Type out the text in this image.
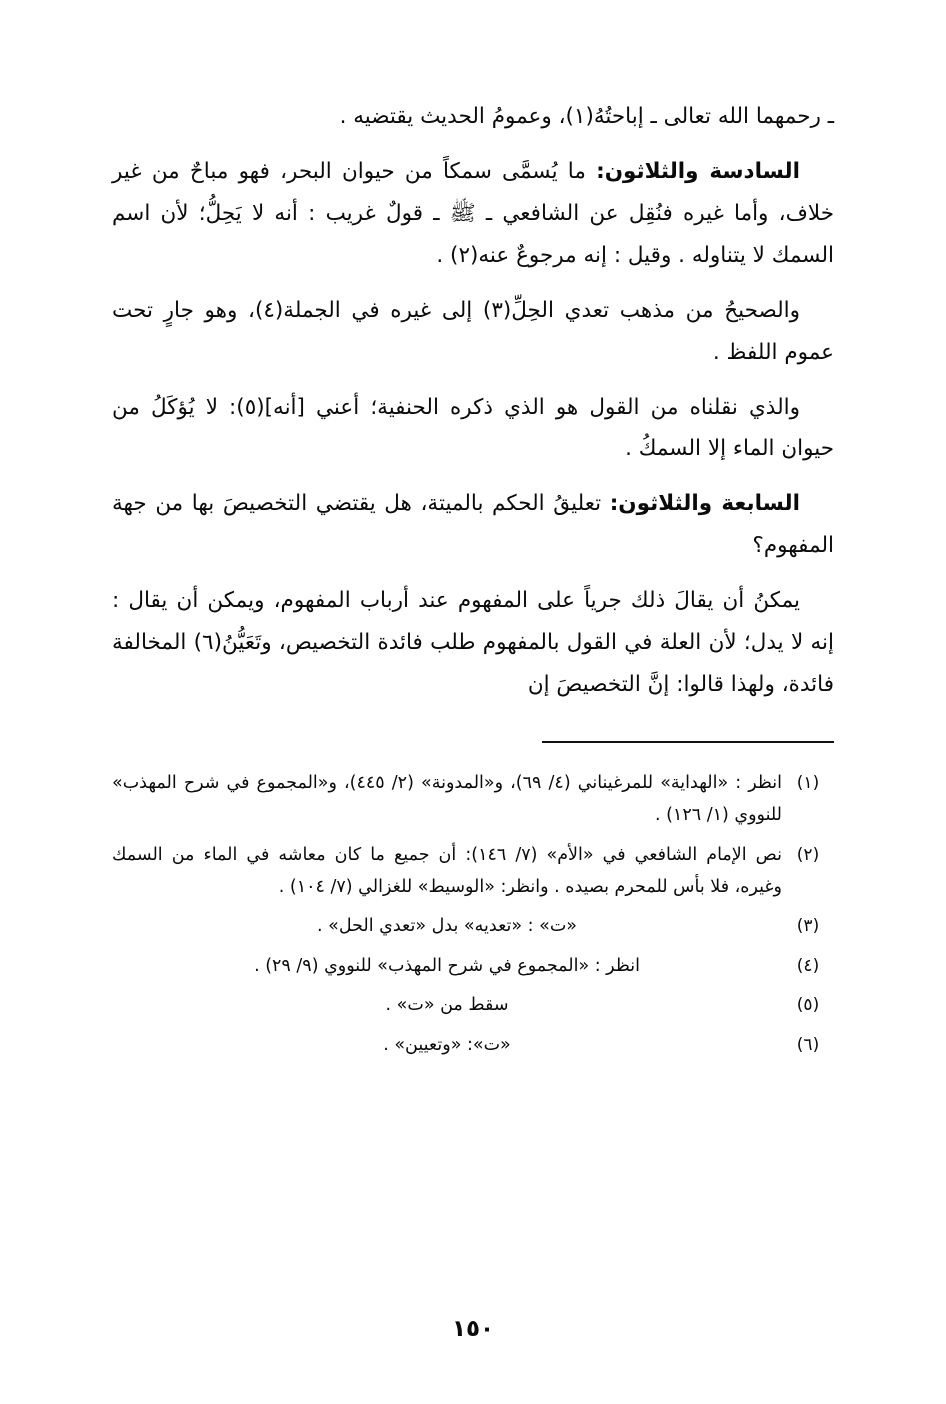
ـ رحمهما الله تعالى ـ إباحتُهُ(١)، وعمومُ الحديث يقتضيه .

السادسة والثلاثون: ما يُسمَّى سمكاً من حيوان البحر، فهو مباحٌ من غير خلاف، وأما غيره فنُقِل عن الشافعي ـ ﷺ ـ قولٌ غريب : أنه لا يَحِلُّ؛ لأن اسم السمك لا يتناوله . وقيل : إنه مرجوعٌ عنه(٢) .

والصحيحُ من مذهب تعدي الحِلِّ(٣) إلى غيره في الجملة(٤)، وهو جارٍ تحت عموم اللفظ .

والذي نقلناه من القول هو الذي ذكره الحنفية؛ أعني [أنه](٥): لا يُؤكَلُ من حيوان الماء إلا السمكُ .

السابعة والثلاثون: تعليقُ الحكم بالميتة، هل يقتضي التخصيصَ بها من جهة المفهوم؟

يمكنُ أن يقالَ ذلك جرياً على المفهوم عند أرباب المفهوم، ويمكن أن يقال : إنه لا يدل؛ لأن العلة في القول بالمفهوم طلب فائدة التخصيص، وتَعَيُّنُ(٦) المخالفة فائدة، ولهذا قالوا: إنَّ التخصيصَ إن

(١)
انظر : «الهداية» للمرغيناني (٤/ ٦٩)، و«المدونة» (٢/ ٤٤٥)، و«المجموع في شرح المهذب» للنووي (١/ ١٢٦) .
(٢)
نص الإمام الشافعي في «الأم» (٧/ ١٤٦): أن جميع ما كان معاشه في الماء من السمك وغيره، فلا بأس للمحرم بصيده . وانظر: «الوسيط» للغزالي (٧/ ١٠٤) .
(٣)
«ت» : «تعديه» بدل «تعدي الحل» .
(٤)
انظر : «المجموع في شرح المهذب» للنووي (٩/ ٢٩) .
(٥)
سقط من «ت» .
(٦)
«ت»: «وتعيين» .
١٥٠
